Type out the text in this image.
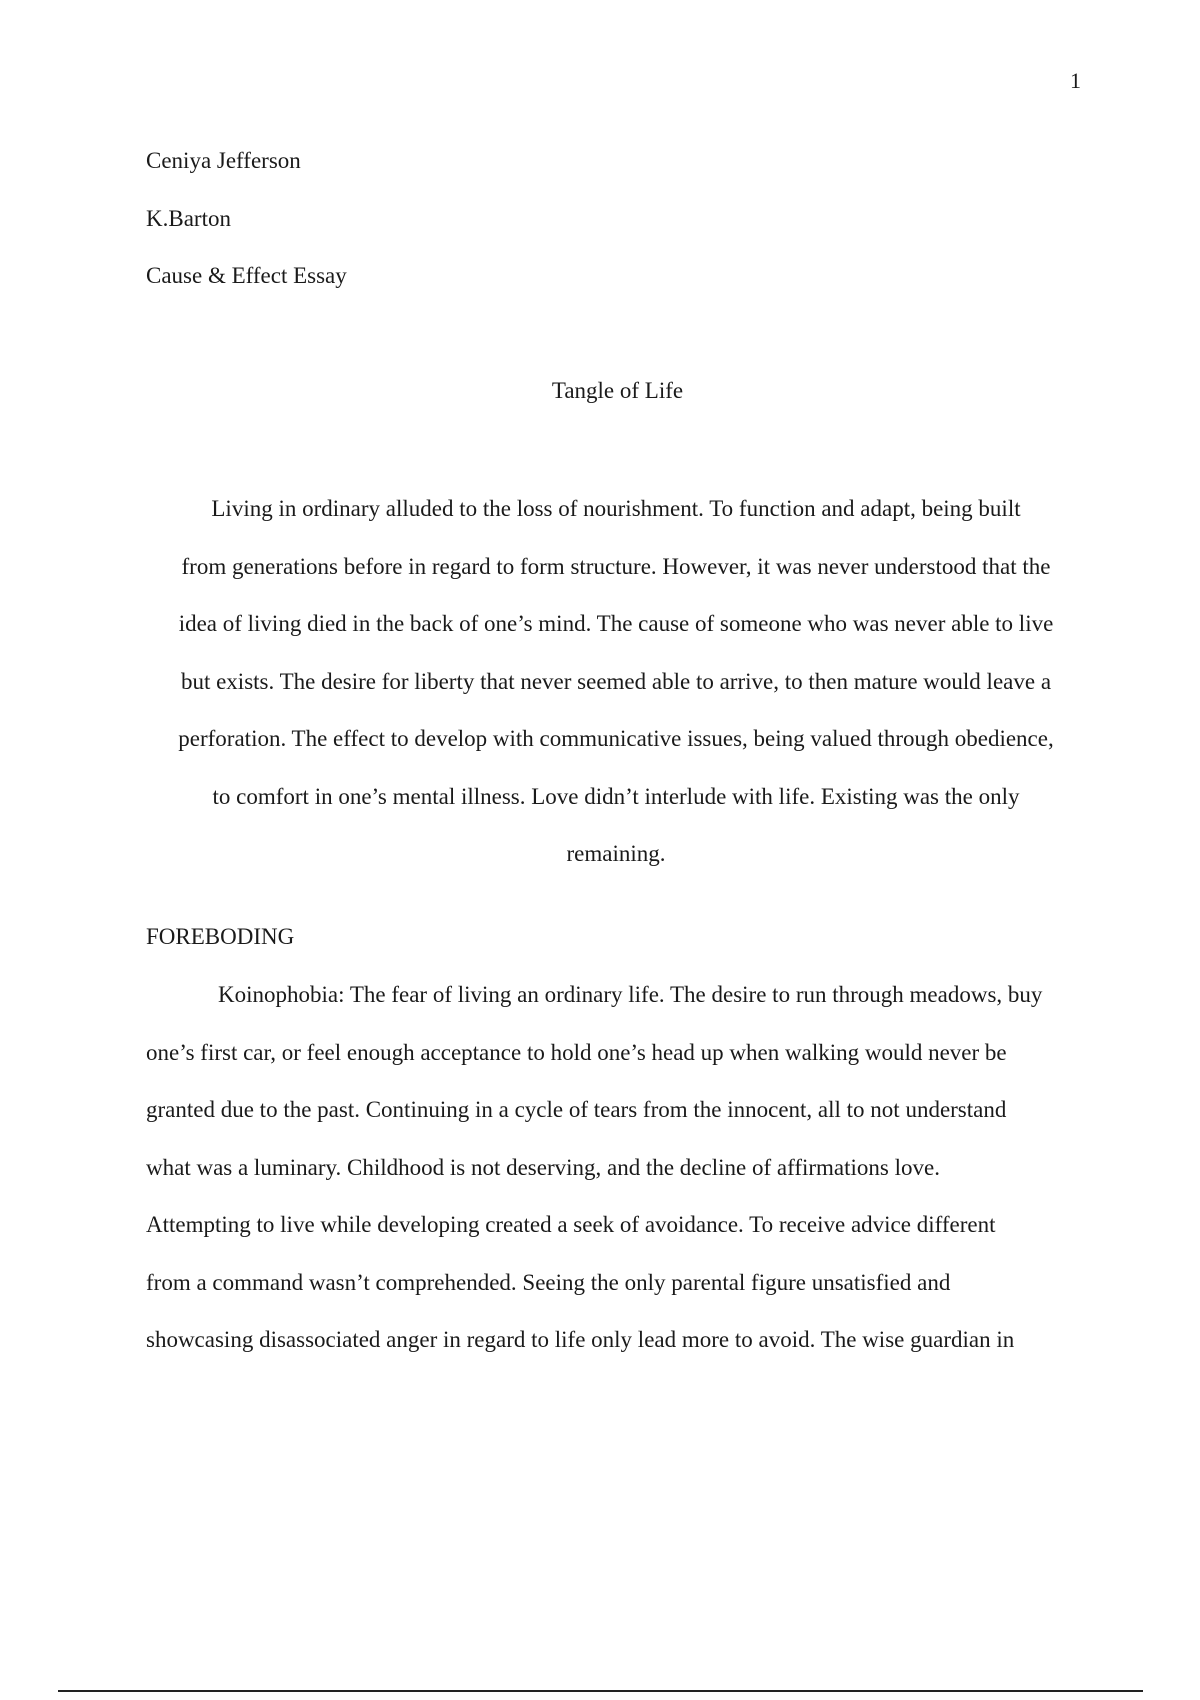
1
Ceniya Jefferson
K.Barton
Cause & Effect Essay
Tangle of Life
Living in ordinary alluded to the loss of nourishment. To function and adapt, being built
from generations before in regard to form structure. However, it was never understood that the
idea of living died in the back of one’s mind. The cause of someone who was never able to live
but exists. The desire for liberty that never seemed able to arrive, to then mature would leave a
perforation. The effect to develop with communicative issues, being valued through obedience,
to comfort in one’s mental illness. Love didn’t interlude with life. Existing was the only
remaining.
FOREBODING
Koinophobia: The fear of living an ordinary life. The desire to run through meadows, buy
one’s first car, or feel enough acceptance to hold one’s head up when walking would never be
granted due to the past. Continuing in a cycle of tears from the innocent, all to not understand
what was a luminary. Childhood is not deserving, and the decline of affirmations love.
Attempting to live while developing created a seek of avoidance. To receive advice different
from a command wasn’t comprehended. Seeing the only parental figure unsatisfied and
showcasing disassociated anger in regard to life only lead more to avoid. The wise guardian in
